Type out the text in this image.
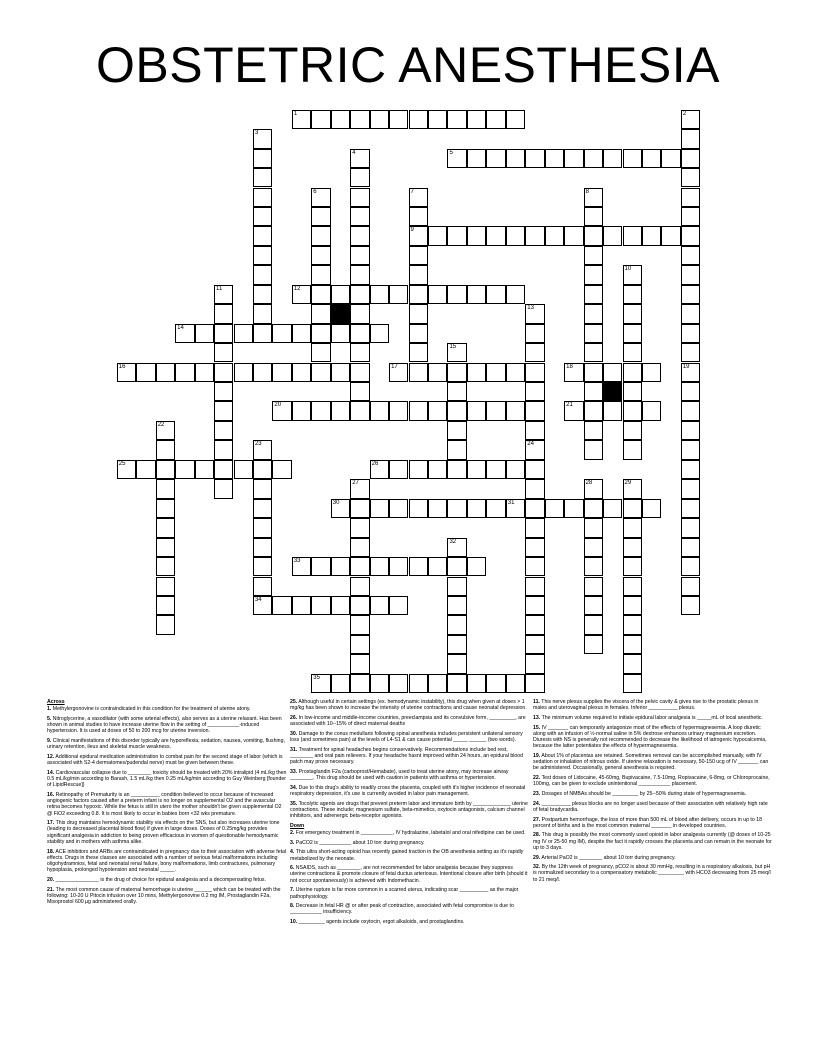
OBSTETRIC ANESTHESIA
1	2
3
4	5
6	7
9
8
10
11	12
13
24
14
15
16	17	18	19
20	21
22
23
25	26
27	28	29
30	31
32
33
34
35
Across
1. Methylergonovine is contraindicated in this condition for the treatment of uterine atony.
5. Nitroglycerine, a vasodilator (with some arterial effects), also serves as a uterine relaxant. Has been shown in animal studies to have increase uterine flow in the setting of ___________-induced hypertension. It is used at doses of 50 to 200 mcg for uterine inversion.
9. Clinical manifestations of this disorder typically are hyporeflexia, sedation, nausea, vomiting, flushing, urinary retention, ileus and skeletal muscle weakness.
12. Additional epidural medication administration to combat pain for the second stage of labor (which is associated with S2-4 dermatomes/pudendal nerve) must be given between these.
14. Cardiovascular collapse due to ________ toxicity should be treated with 20% intralipid (4 mL/kg then 0.5 mL/kg/min according to Barash, 1.5 mL/kg then 0.25 mL/kg/min according to Guy Weinberg [founder of LipidRescue])
16. Retinopathy of Prematurity is an __________ condition believed to occur because of increased angiogenic factors caused after a preterm infant is no longer on supplemental O2 and the avascular retina becomes hypoxic. While the fetus is still in utero the mother shouldn't be given supplemental O2 @ FiO2 exceeding 0.8. It is most likely to occur in babies born <32 wks premature.
17. This drug maintains hemodynamic stability via effects on the SNS, but also increases uterine tone (leading to decreased placental blood flow) if given in large doses. Doses of 0.25mg/kg provides significant analgesia in addiction to being proven efficacious in women of questionable hemodynamic stability and in mothers with asthma alike.
18. ACE inhibitors and ARBs are contraindicated in pregnancy due to their association with adverse fetal effects. Drugs in these classes are associated with a number of serious fetal malformations including oligohydramnios, fetal and neonatal renal failure, bony malformations, limb contractures, pulmonary hypoplasia, prolonged hypotension and neonatal _____.
20. _______________ is the drug of choice for epidural analgesia and a decompensating fetus.
21. The most common cause of maternal hemorrhage is uterine ______ which can be treated with the following: 10-20 U Pitocin infusion over 10 mins, Methylergonovine 0.2 mg IM, Prostaglandin F2a, Misoprostol 600 µg administered orally.
25. Although useful in certain settings (ex. hemodynamic instability), this drug when given at doses > 1 mg/kg has been shown to increase the intensity of uterine contractions and cause neonatal depression.
26. In low-income and middle-income countries, preeclampsia and its convulsive form, _________, are associated with 10--15% of direct maternal deaths
30. Damage to the conus medullaris following spinal anesthesia includes persistent unilateral sensory loss (and sometimes pain) at the levels of L4-S1 & can cause potential _____ ______ (two words).
31. Treatment for spinal headaches begins conservatively. Recommendations include bed rest, ________ and oral pain relievers. If your headache hasnt improved within 24 hours, an epidural blood patch may prove necessary.
33. Prostaglandin F2a (carboprost/Hemabate), used to treat uterine atony, may increase airway ________. This drug should be used with caution in patients with asthma or hypertension.
34. Due to this drug's ability to readily cross the placenta, coupled with it's higher incidence of neonatal respiratory depression, it's use is currently avoided in labor pain management.
35. Tocolytic agents are drugs that prevent preterm labor and immature birth by _____________ uterine contractions. These include; magnesium sulfate, beta-mimetics, oxytocin antagonists, calcium channel inhibitors, and adrenergic beta-receptor agonists.
Down
2. For emergency treatment in ___________, IV hydralazine, labetalol and oral nifedipine can be used.
3. PaCO2 is ___________ about 10 torr during pregnancy.
4. This ultra short-acting opioid has recently gained traction in the OB anesthesia setting as it's rapidly metabolized by the neonate.
6. NSAIDS, such as ________, are not recommended for labor analgesia because they suppress uterine contractions & promote closure of fetal ductus arteriosus. Intentional closure after birth (should it not occur spontaneously) is achieved with Indomethacin.
7. Uterine rupture is far more common in a scarred uterus, indicating scar __________ as the major pathophysiology.
8. Decrease in fetal HR @ or after peak of contraction, associated with fetal compromise is due to ___________ insufficiency.
10. _________ agents include oxytocin, ergot alkaloids, and prostaglandins.
11. This nerve plexus supplies the viscera of the pelvic cavity & gives rise to the prostatic plexus in males and uterovaginal plexus in females. Inferior __________ plexus.
13. The minimum volume required to initiate epidural labor analgesia is _____mL of local anesthetic.
15. IV _______ can temporarily antagonize most of the effects of hypermagnesemia. A loop diuretic along with an infusion of ½-normal saline in 5% dextrose enhances urinary magnesium excretion. Diuresis with NS is generally not recommended to decrease the likelihood of iatrogenic hypocalcemia, because the latter potentiates the effects of hypermagnesemia.
19. About 1% of placentas are retained. Sometimes removal can be accomplished manually, with IV sedation or inhalation of nitrous oxide. If uterine relaxation is necessary, 50-150 ucg of IV _______ can be administered. Occasionally, general anesthesia is required.
22. Test doses of Lidocaine, 45-60mg, Bupivacaine, 7.5-10mg, Ropivacaine, 6-8mg, or Chloroprocaine, 100mg, can be given to exclude unintentional ___________ placement.
23. Dosages of NMBAs should be _________ by 25--50% during state of hypermagnesemia.
24. __________ plexus blocks are no longer used because of their association with relatively high rate of fetal bradycardia.
27. Postpartum hemorrhage, the loss of more than 500 mL of blood after delivery, occurs in up to 18 percent of births and is the most common maternal _______ in developed countries.
28. This drug is possibly the most commonly used opioid in labor analgesia currently (@ doses of 10-25 mg IV or 25-50 mg IM), despite the fact it rapidly crosses the placenta and can remain in the neonate for up to 3 days.
29. Arterial PaO2 is ________ about 10 torr during pregnancy.
32. By the 12th week of pregnancy, pCO2 is about 30 mmHg, resulting in a respiratory alkalosis, but pH is normalized secondary to a compensatory metabolic _________ with HCO3 decreasing from 25 meq/l to 21 meq/l.
